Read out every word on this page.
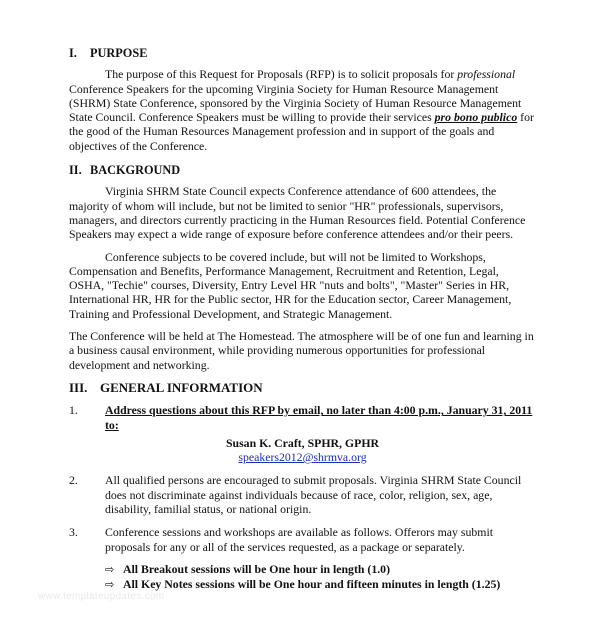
I. PURPOSE

The purpose of this Request for Proposals (RFP) is to solicit proposals for professional Conference Speakers for the upcoming Virginia Society for Human Resource Management (SHRM) State Conference, sponsored by the Virginia Society of Human Resource Management State Council. Conference Speakers must be willing to provide their services pro bono publico for the good of the Human Resources Management profession and in support of the goals and objectives of the Conference.

II. BACKGROUND

Virginia SHRM State Council expects Conference attendance of 600 attendees, the majority of whom will include, but not be limited to senior "HR" professionals, supervisors, managers, and directors currently practicing in the Human Resources field. Potential Conference Speakers may expect a wide range of exposure before conference attendees and/or their peers.

Conference subjects to be covered include, but will not be limited to Workshops, Compensation and Benefits, Performance Management, Recruitment and Retention, Legal, OSHA, "Techie" courses, Diversity, Entry Level HR "nuts and bolts", "Master" Series in HR, International HR, HR for the Public sector, HR for the Education sector, Career Management, Training and Professional Development, and Strategic Management.

The Conference will be held at The Homestead. The atmosphere will be of one fun and learning in a business causal environment, while providing numerous opportunities for professional development and networking.

III. GENERAL INFORMATION
1. Address questions about this RFP by email, no later than 4:00 p.m., January 31, 2011 to:

Susan K. Craft, SPHR, GPHR

speakers2012@shrmva.org

2. All qualified persons are encouraged to submit proposals. Virginia SHRM State Council does not discriminate against individuals because of race, color, religion, sex, age, disability, familial status, or national origin.
3. Conference sessions and workshops are available as follows. Offerors may submit proposals for any or all of the services requested, as a package or separately.
⇨ All Breakout sessions will be One hour in length (1.0)
⇨ All Key Notes sessions will be One hour and fifteen minutes in length (1.25)
www.templateupdates.com
